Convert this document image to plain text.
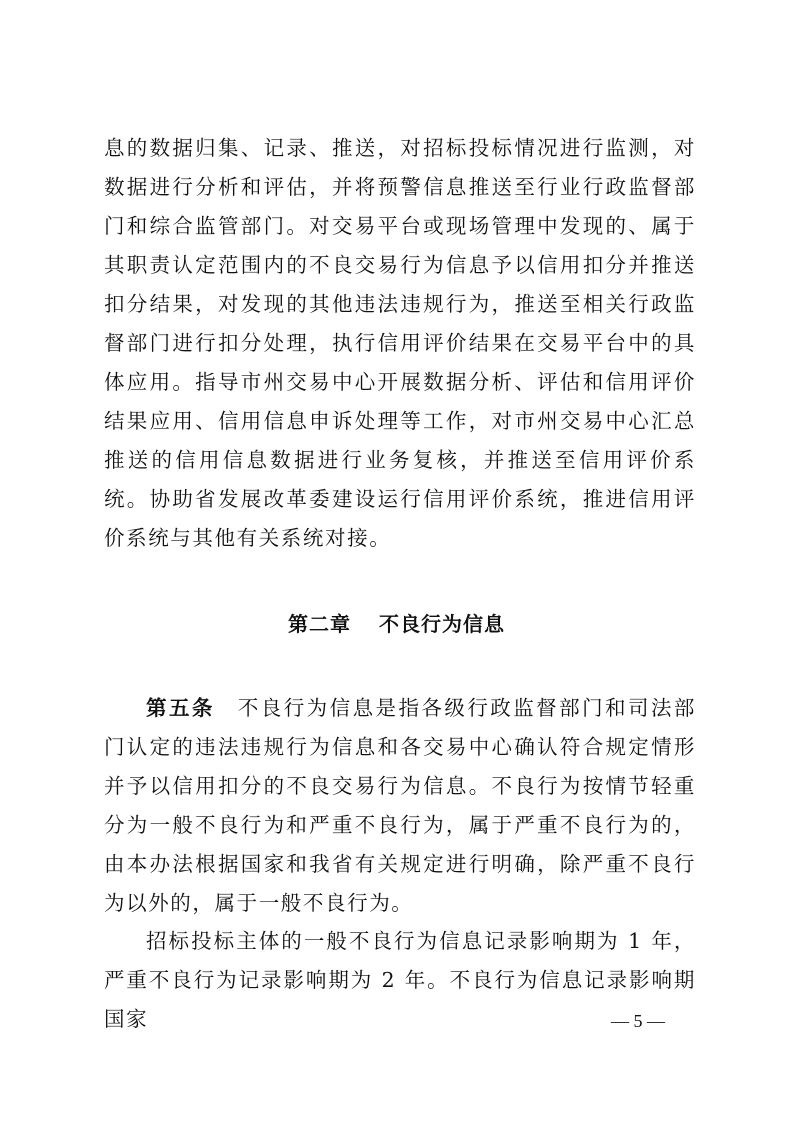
息的数据归集、记录、推送，对招标投标情况进行监测，对数据进行分析和评估，并将预警信息推送至行业行政监督部门和综合监管部门。对交易平台或现场管理中发现的、属于其职责认定范围内的不良交易行为信息予以信用扣分并推送扣分结果，对发现的其他违法违规行为，推送至相关行政监督部门进行扣分处理，执行信用评价结果在交易平台中的具体应用。指导市州交易中心开展数据分析、评估和信用评价结果应用、信用信息申诉处理等工作，对市州交易中心汇总推送的信用信息数据进行业务复核，并推送至信用评价系统。协助省发展改革委建设运行信用评价系统，推进信用评价系统与其他有关系统对接。

第二章 不良行为信息

第五条  不良行为信息是指各级行政监督部门和司法部门认定的违法违规行为信息和各交易中心确认符合规定情形并予以信用扣分的不良交易行为信息。不良行为按情节轻重分为一般不良行为和严重不良行为，属于严重不良行为的，由本办法根据国家和我省有关规定进行明确，除严重不良行为以外的，属于一般不良行为。

招标投标主体的一般不良行为信息记录影响期为 1 年，严重不良行为记录影响期为 2 年。不良行为信息记录影响期国家	— 5 —
